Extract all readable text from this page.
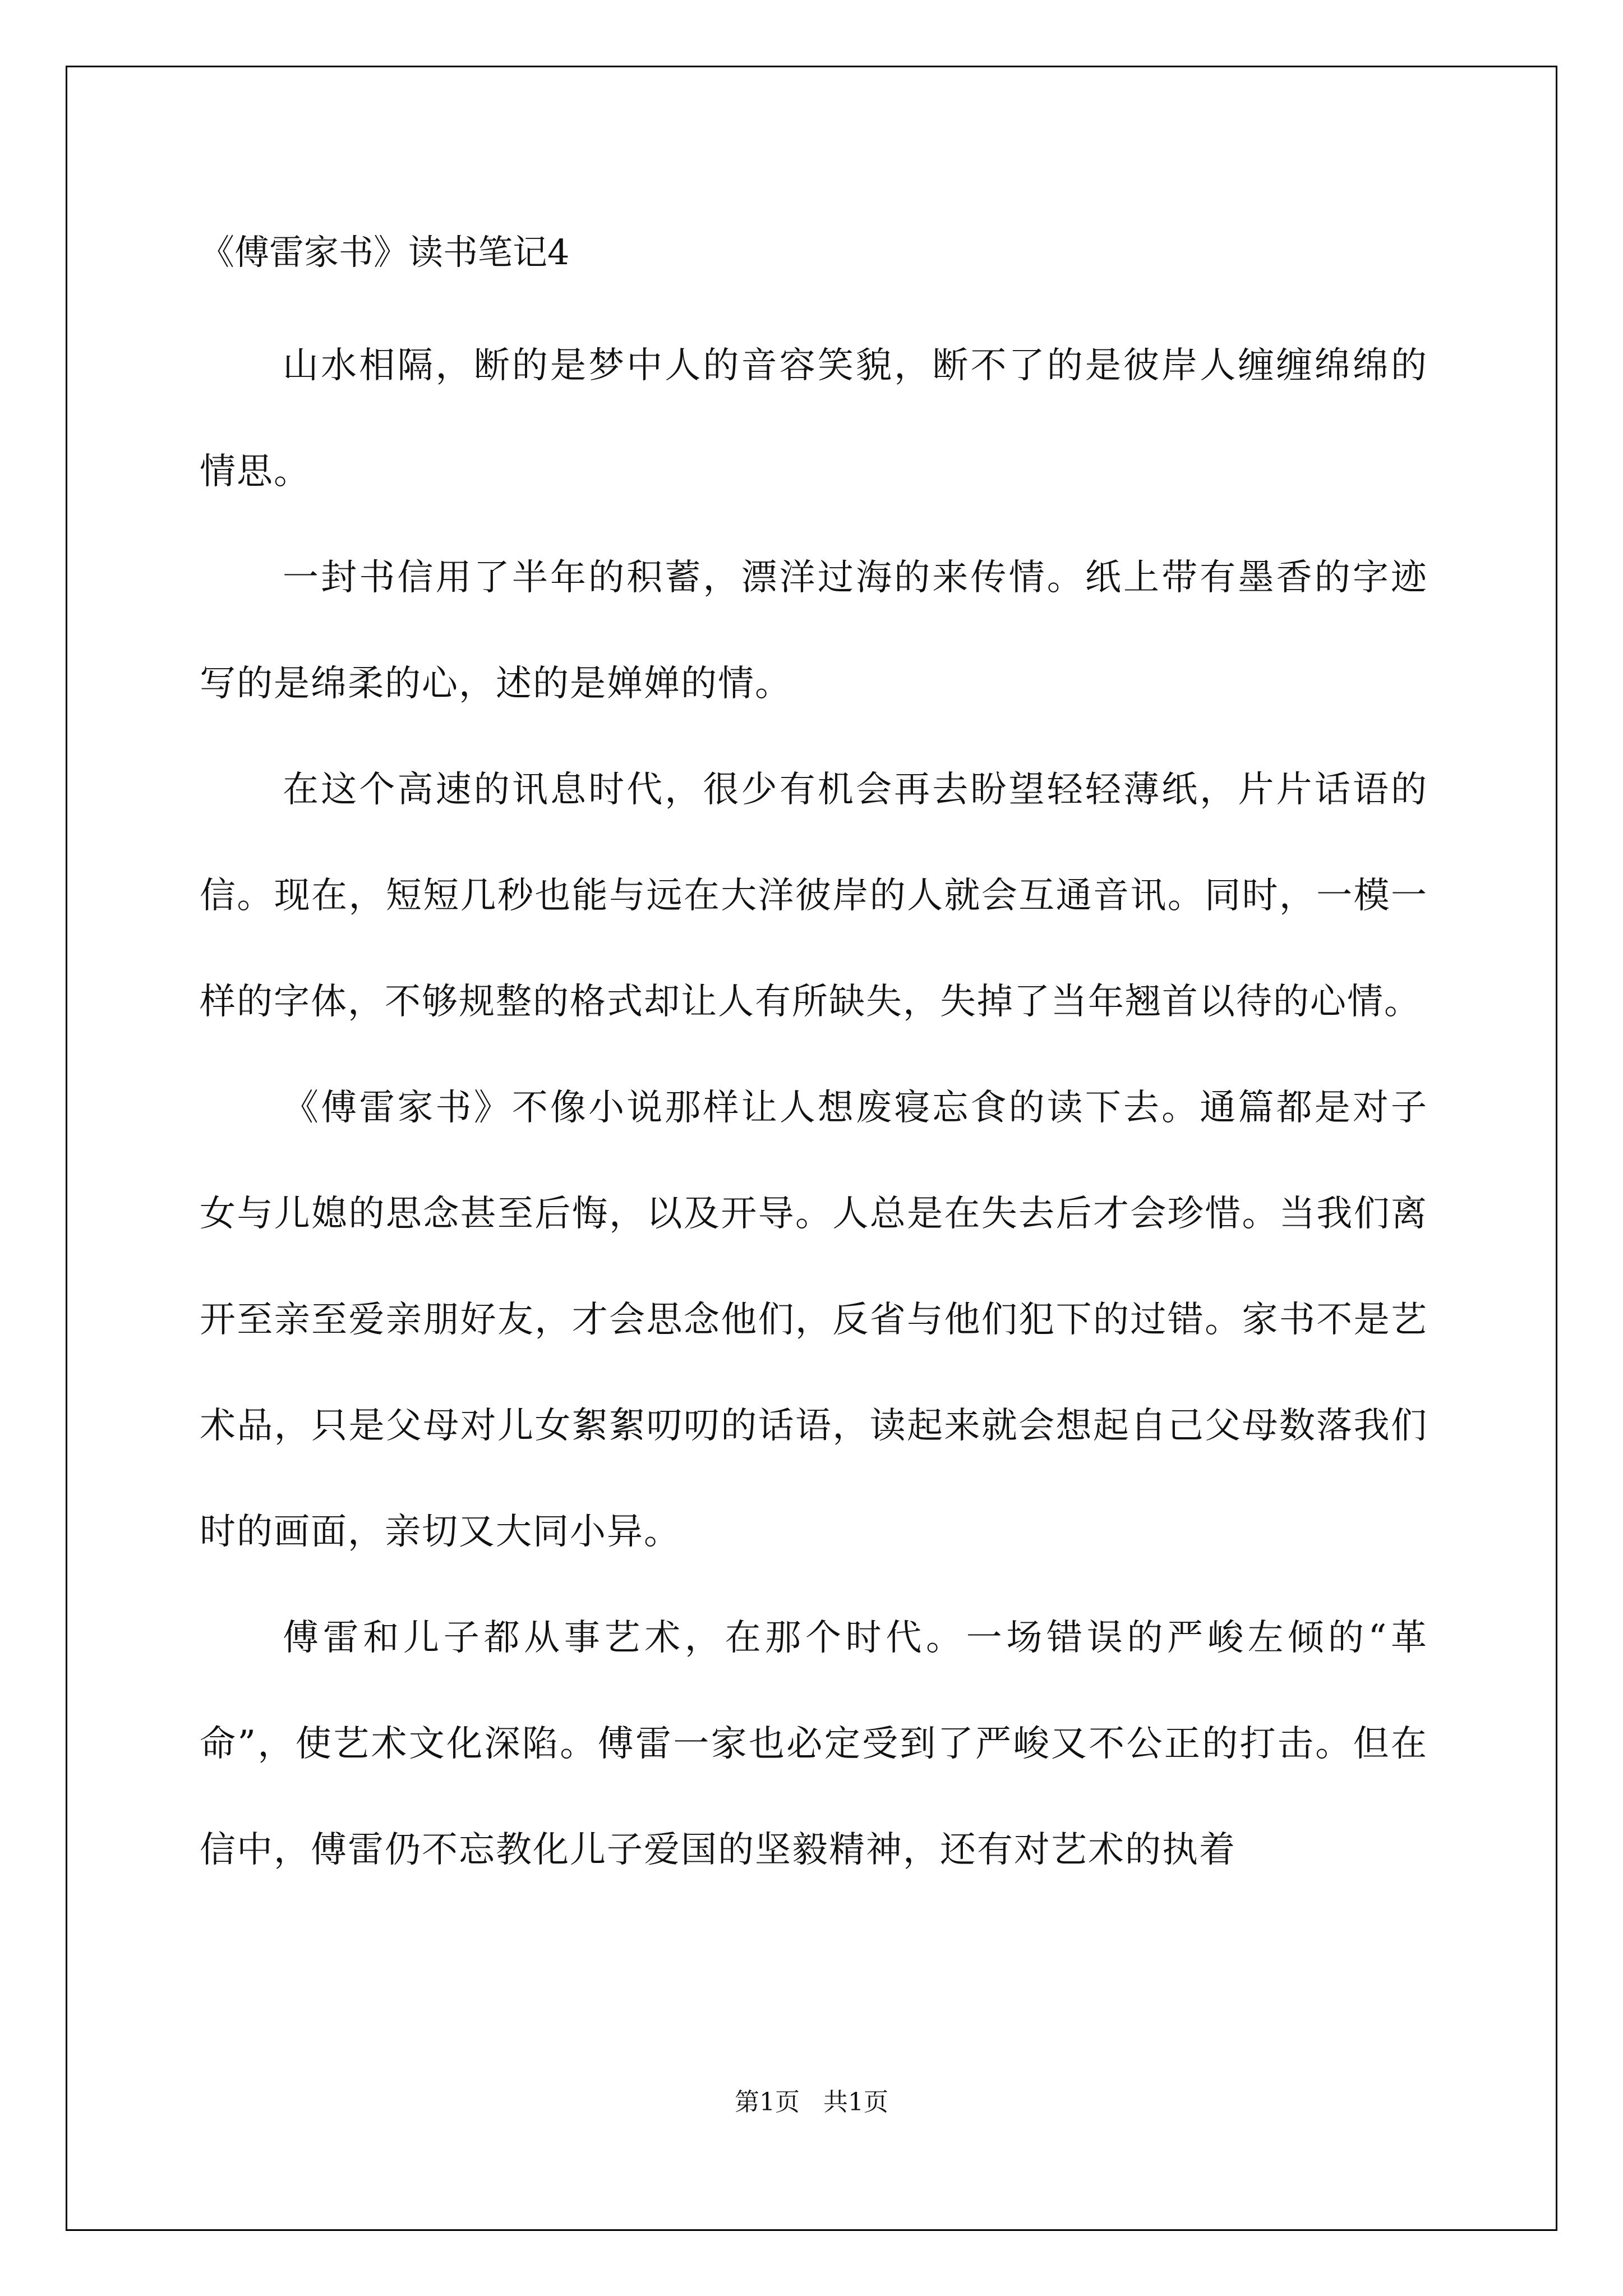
《傅雷家书》读书笔记4

山水相隔，断的是梦中人的音容笑貌，断不了的是彼岸人缠缠绵绵的情思。

一封书信用了半年的积蓄，漂洋过海的来传情。纸上带有墨香的字迹写的是绵柔的心，述的是婵婵的情。

在这个高速的讯息时代，很少有机会再去盼望轻轻薄纸，片片话语的信。现在，短短几秒也能与远在大洋彼岸的人就会互通音讯。同时，一模一样的字体，不够规整的格式却让人有所缺失，失掉了当年翘首以待的心情。

《傅雷家书》不像小说那样让人想废寝忘食的读下去。通篇都是对子女与儿媳的思念甚至后悔，以及开导。人总是在失去后才会珍惜。当我们离开至亲至爱亲朋好友，才会思念他们，反省与他们犯下的过错。家书不是艺术品，只是父母对儿女絮絮叨叨的话语，读起来就会想起自己父母数落我们时的画面，亲切又大同小异。

傅雷和儿子都从事艺术，在那个时代。一场错误的严峻左倾的“革命”，使艺术文化深陷。傅雷一家也必定受到了严峻又不公正的打击。但在信中，傅雷仍不忘教化儿子爱国的坚毅精神，还有对艺术的执着

第1页   共1页
